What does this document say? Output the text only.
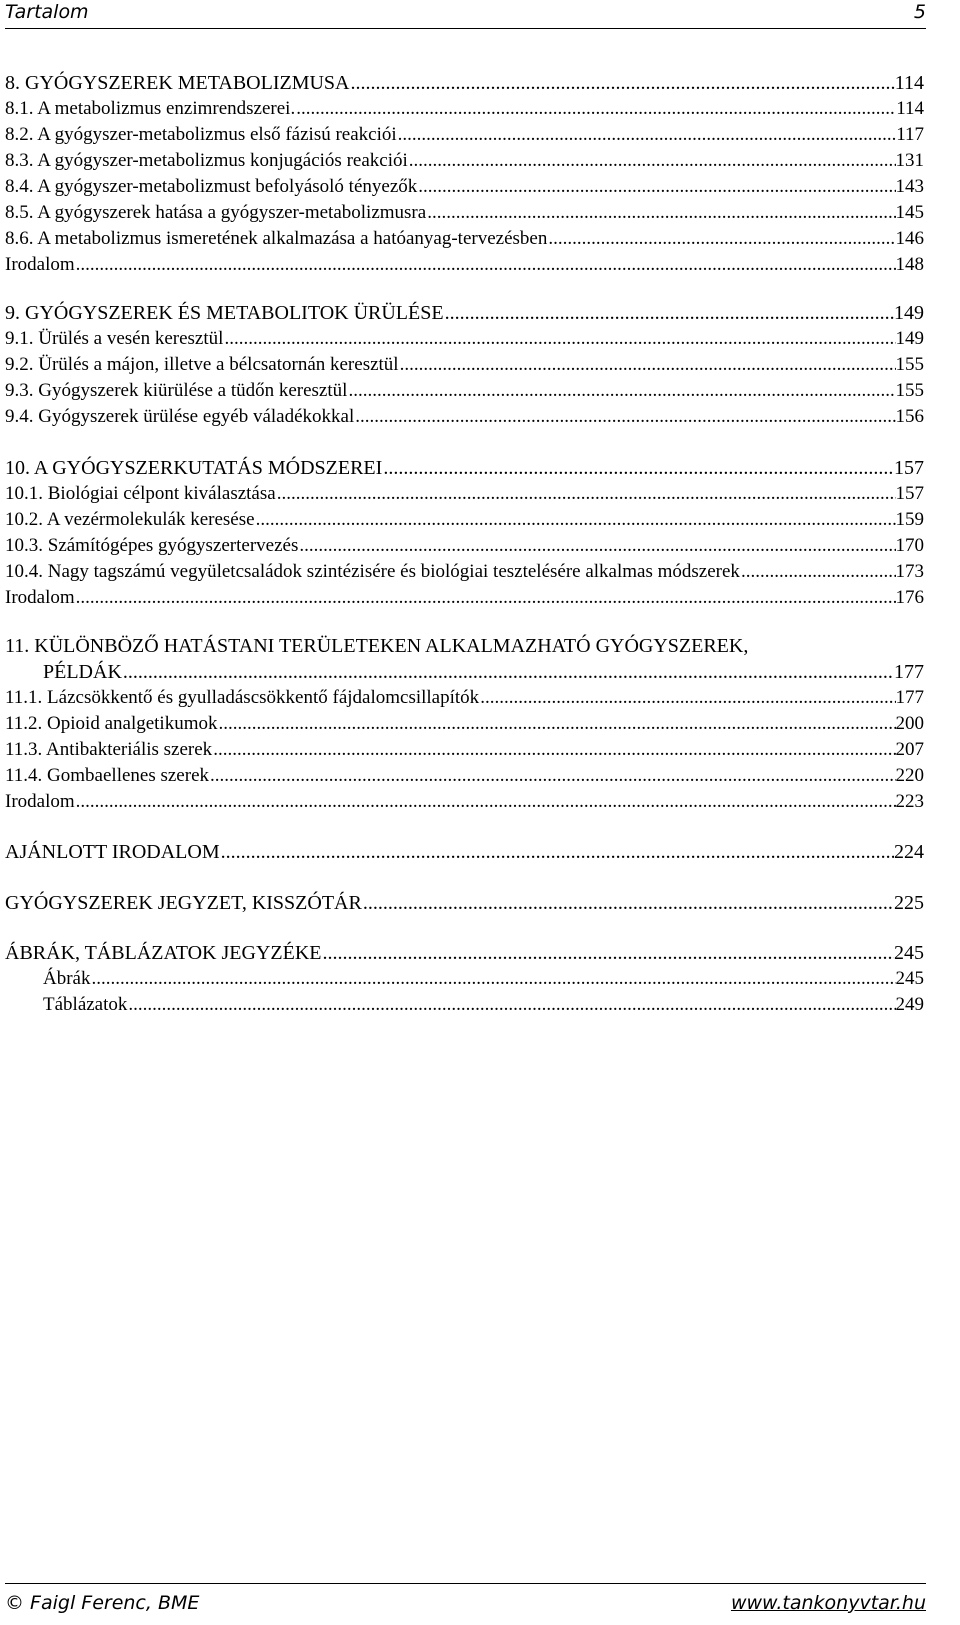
Tartalom	5
8. GYÓGYSZEREK METABOLIZMUSA .....	114
8.1. A metabolizmus enzimrendszerei. .....	114
8.2. A gyógyszer-metabolizmus első fázisú reakciói .....	117
8.3. A gyógyszer-metabolizmus konjugációs reakciói .....	131
8.4. A gyógyszer-metabolizmust befolyásoló tényezők .....	143
8.5. A gyógyszerek hatása a gyógyszer-metabolizmusra .....	145
8.6. A metabolizmus ismeretének alkalmazása a hatóanyag-tervezésben .....	146
Irodalom .....	148
9. GYÓGYSZEREK ÉS METABOLITOK ÜRÜLÉSE .....	149
9.1. Ürülés a vesén keresztül .....	149
9.2. Ürülés a májon, illetve a bélcsatornán keresztül .....	155
9.3. Gyógyszerek kiürülése a tüdőn keresztül .....	155
9.4. Gyógyszerek ürülése egyéb váladékokkal .....	156
10. A GYÓGYSZERKUTATÁS MÓDSZEREI .....	157
10.1. Biológiai célpont kiválasztása .....	157
10.2. A vezérmolekulák keresése .....	159
10.3. Számítógépes gyógyszertervezés .....	170
10.4. Nagy tagszámú vegyületcsaládok szintézisére és biológiai tesztelésére alkalmas módszerek .....	173
Irodalom .....	176
11. KÜLÖNBÖZŐ HATÁSTANI TERÜLETEKEN ALKALMAZHATÓ GYÓGYSZEREK,
PÉLDÁK .....	177
11.1. Lázcsökkentő és gyulladáscsökkentő fájdalomcsillapítók .....	177
11.2. Opioid analgetikumok .....	200
11.3. Antibakteriális szerek .....	207
11.4. Gombaellenes szerek .....	220
Irodalom .....	223
AJÁNLOTT IRODALOM .....	224
GYÓGYSZEREK JEGYZET, KISSZÓTÁR .....	225
ÁBRÁK, TÁBLÁZATOK JEGYZÉKE .....	245
Ábrák .....	245
Táblázatok .....	249
© Faigl Ferenc, BME	www.tankonyvtar.hu
